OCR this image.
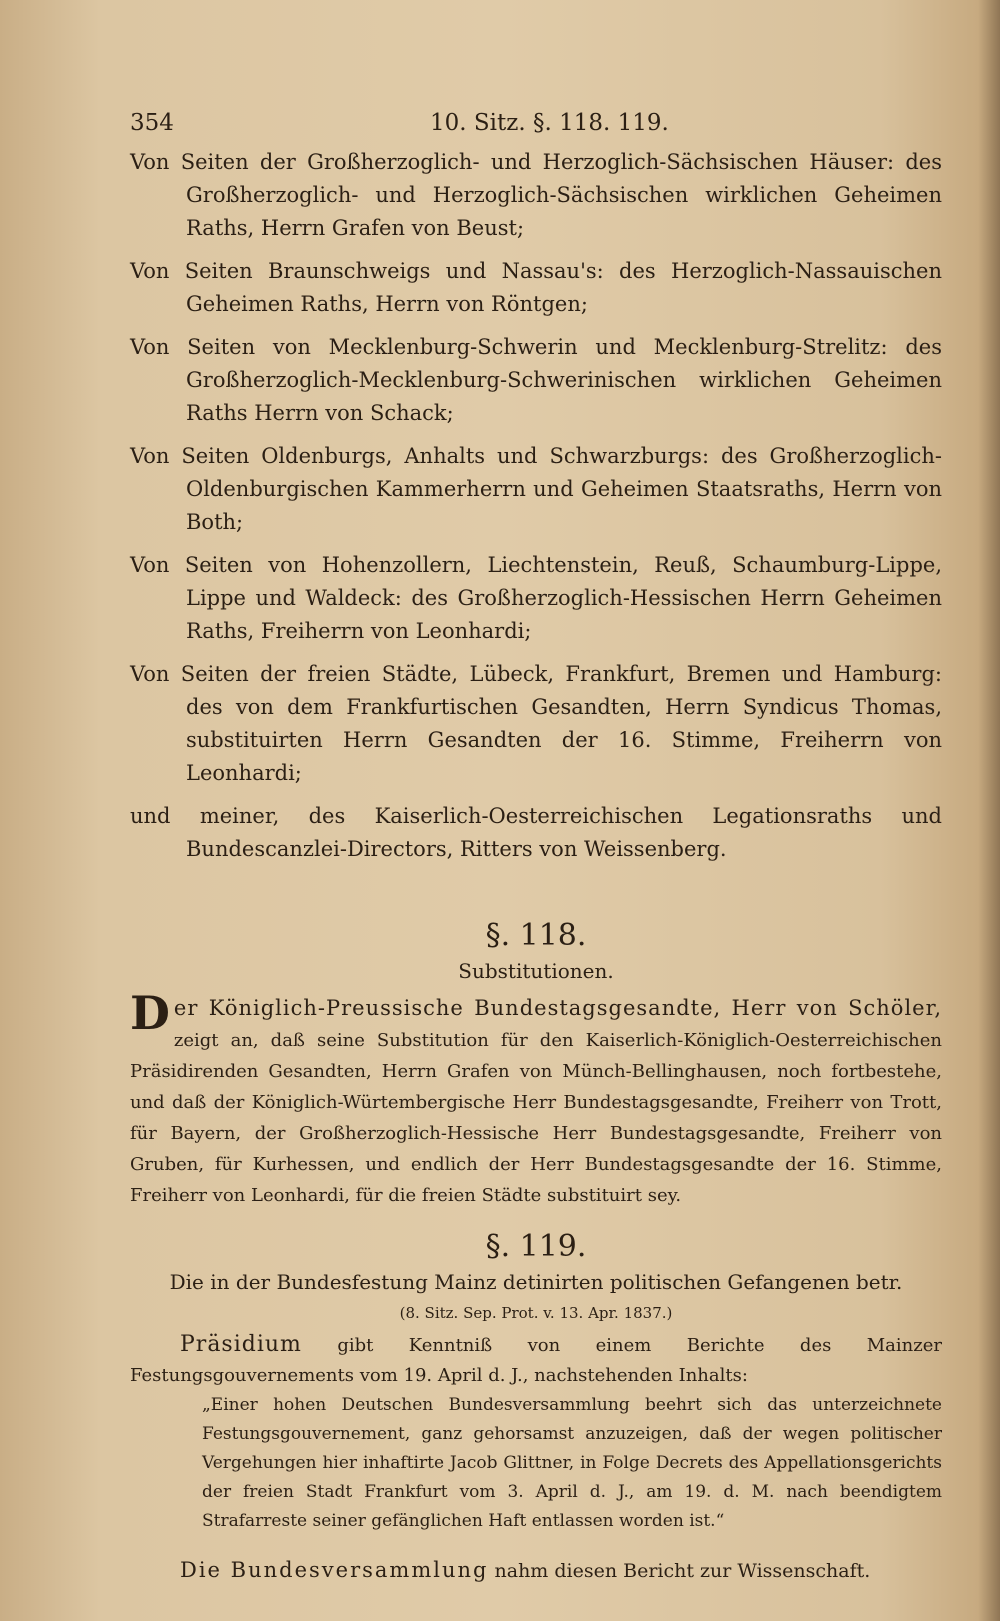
354	10. Sitz. §. 118. 119.

Von Seiten der Großherzoglich- und Herzoglich-Sächsischen Häuser: des Großherzoglich- und Herzoglich-Sächsischen wirklichen Geheimen Raths, Herrn Grafen von Beust;

Von Seiten Braunschweigs und Nassau's: des Herzoglich-Nassauischen Geheimen Raths, Herrn von Röntgen;

Von Seiten von Mecklenburg-Schwerin und Mecklenburg-Strelitz: des Großherzoglich-Mecklenburg-Schwerinischen wirklichen Geheimen Raths Herrn von Schack;

Von Seiten Oldenburgs, Anhalts und Schwarzburgs: des Großherzoglich-Oldenburgischen Kammerherrn und Geheimen Staatsraths, Herrn von Both;

Von Seiten von Hohenzollern, Liechtenstein, Reuß, Schaumburg-Lippe, Lippe und Waldeck: des Großherzoglich-Hessischen Herrn Geheimen Raths, Freiherrn von Leonhardi;

Von Seiten der freien Städte, Lübeck, Frankfurt, Bremen und Hamburg: des von dem Frankfurtischen Gesandten, Herrn Syndicus Thomas, substituirten Herrn Gesandten der 16. Stimme, Freiherrn von Leonhardi;

und meiner, des Kaiserlich-Oesterreichischen Legationsraths und Bundescanzlei-Directors, Ritters von Weissenberg.

§. 118.
Substitutionen.

Der Königlich-Preussische Bundestagsgesandte, Herr von Schöler, zeigt an, daß seine Substitution für den Kaiserlich-Königlich-Oesterreichischen Präsidirenden Gesandten, Herrn Grafen von Münch-Bellinghausen, noch fortbestehe, und daß der Königlich-Würtembergische Herr Bundestagsgesandte, Freiherr von Trott, für Bayern, der Großherzoglich-Hessische Herr Bundestagsgesandte, Freiherr von Gruben, für Kurhessen, und endlich der Herr Bundestagsgesandte der 16. Stimme, Freiherr von Leonhardi, für die freien Städte substituirt sey.

§. 119.
Die in der Bundesfestung Mainz detinirten politischen Gefangenen betr.
(8. Sitz. Sep. Prot. v. 13. Apr. 1837.)

Präsidium gibt Kenntniß von einem Berichte des Mainzer Festungsgouvernements vom 19. April d. J., nachstehenden Inhalts:

„Einer hohen Deutschen Bundesversammlung beehrt sich das unterzeichnete Festungsgouvernement, ganz gehorsamst anzuzeigen, daß der wegen politischer Vergehungen hier inhaftirte Jacob Glittner, in Folge Decrets des Appellationsgerichts der freien Stadt Frankfurt vom 3. April d. J., am 19. d. M. nach beendigtem Strafarreste seiner gefänglichen Haft entlassen worden ist.“

Die Bundesversammlung nahm diesen Bericht zur Wissenschaft.
